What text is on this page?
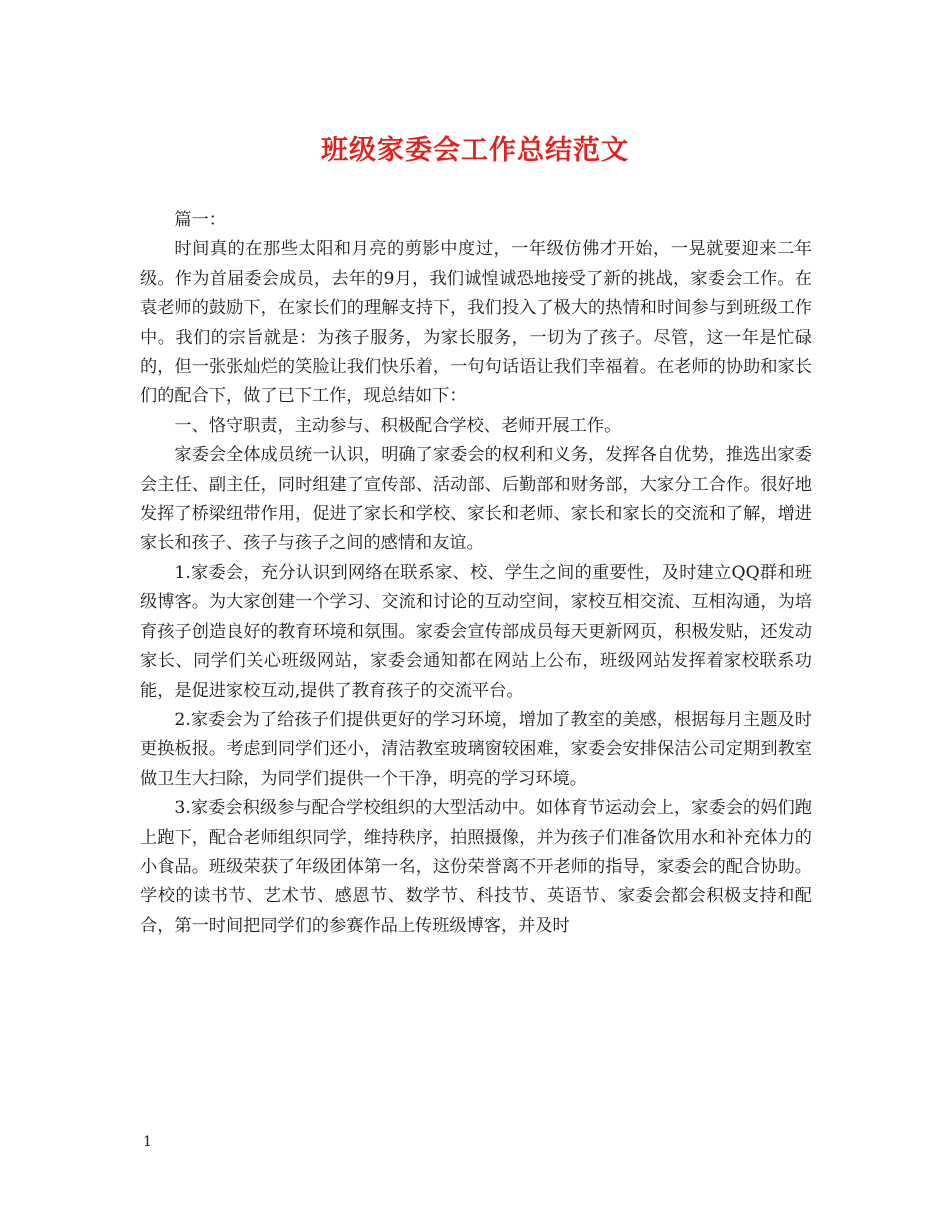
班级家委会工作总结范文

篇一：

时间真的在那些太阳和月亮的剪影中度过，一年级仿佛才开始，一晃就要迎来二年级。作为首届委会成员，去年的9月，我们诚惶诚恐地接受了新的挑战，家委会工作。在袁老师的鼓励下，在家长们的理解支持下，我们投入了极大的热情和时间参与到班级工作中。我们的宗旨就是：为孩子服务，为家长服务，一切为了孩子。尽管，这一年是忙碌的，但一张张灿烂的笑脸让我们快乐着，一句句话语让我们幸福着。在老师的协助和家长们的配合下，做了已下工作，现总结如下：

一、恪守职责，主动参与、积极配合学校、老师开展工作。

家委会全体成员统一认识，明确了家委会的权利和义务，发挥各自优势，推选出家委会主任、副主任，同时组建了宣传部、活动部、后勤部和财务部，大家分工合作。很好地发挥了桥梁纽带作用，促进了家长和学校、家长和老师、家长和家长的交流和了解，增进家长和孩子、孩子与孩子之间的感情和友谊。

1.家委会，充分认识到网络在联系家、校、学生之间的重要性，及时建立QQ群和班级博客。为大家创建一个学习、交流和讨论的互动空间，家校互相交流、互相沟通，为培育孩子创造良好的教育环境和氛围。家委会宣传部成员每天更新网页，积极发贴，还发动家长、同学们关心班级网站，家委会通知都在网站上公布，班级网站发挥着家校联系功能，是促进家校互动,提供了教育孩子的交流平台。

2.家委会为了给孩子们提供更好的学习环境，增加了教室的美感，根据每月主题及时更换板报。考虑到同学们还小，清洁教室玻璃窗较困难，家委会安排保洁公司定期到教室做卫生大扫除，为同学们提供一个干净，明亮的学习环境。

3.家委会积级参与配合学校组织的大型活动中。如体育节运动会上，家委会的妈们跑上跑下，配合老师组织同学，维持秩序，拍照摄像，并为孩子们准备饮用水和补充体力的小食品。班级荣获了年级团体第一名，这份荣誉离不开老师的指导，家委会的配合协助。学校的读书节、艺术节、感恩节、数学节、科技节、英语节、家委会都会积极支持和配合，第一时间把同学们的参赛作品上传班级博客，并及时

1
